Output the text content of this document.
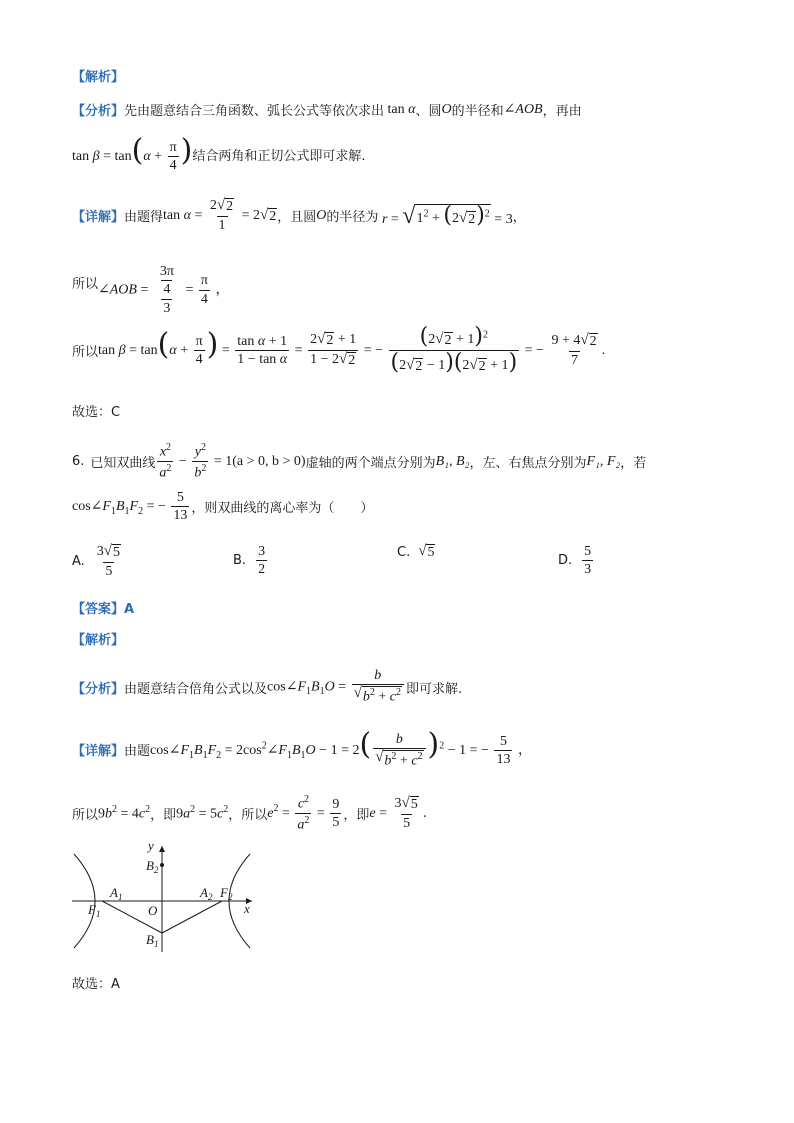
【解析】
【分析】 先由题意结合三角函数、弧长公式等依次求出 tan α 、圆 O 的半径和 ∠AOB ，再由
$\tan \beta = \tan(\alpha + \frac{\pi}{4}$ ) 结合两角和正切公式即可求解.
【详解】 由题得 $\tan \alpha = \frac{2 √ 2}{1} = 2$ √ 2 ，且圆 O 的半径为 r = √ $1^2 + (2$ √ 2 )$^2$ = 3 ，
所以 ∠AOB = $\frac{\frac{3\pi}{4}}{3} = \frac{\pi}{4}$ ，
所以 $\tan \beta = \tan(\alpha + \frac{\pi}{4}$ ) = $\frac{\text{tan α + 1}}{\text{1 − tan α}} = \frac{2 √ 2 + 1}{1 - 2 √ 2}$ = − $\frac{(2 √ 2 + 1)^2}{(2 √ 2 - 1)(2 √ 2 + 1)}$ = − $\frac{9 + 4 √ 2}{7}$ .
故选：C
6. 已知双曲线 $\frac{x^2}{a^2} - \frac{y^2}{b^2} = 1$ (a > 0, b > 0) 虚轴的两个端点分别为 B₁, B₂ ，左、右焦点分别为 F₁, F₂ ，若
$\cos\angle F_1B_1F_2$ = − $\frac{5}{13}$ ，则双曲线的离心率为（　　）
A. $\frac{3 √ 5}{5}$	B. $\frac{3}{2}$	C. √ 5
D. $\frac{5}{3}$
【答案】A
【解析】
【分析】 由题意结合倍角公式以及 $\cos\angle F_1B_1O = \frac{b}{√ b^2 + c^2}$ 即可求解.
【详解】 由题 $\cos\angle F_1B_1F_2$ = $2\cos^2\angle F_1B_1O - 1 = 2( \frac{b}{√ b^2 + c^2} )^2 - 1$ = − $\frac{5}{13}$ ，
所以 $9b^2 = 4c^2$ ，即 $9a^2 = 5c^2$ ，所以 $e^2 = \frac{c^2}{a^2} = \frac{9}{5}$ ，即 $e = \frac{3 √ 5}{5}$ .
y
x
O
$B_2$
$B_1$
$A_1$	$A_2$
$F_1$
$F_2$
故选：A
